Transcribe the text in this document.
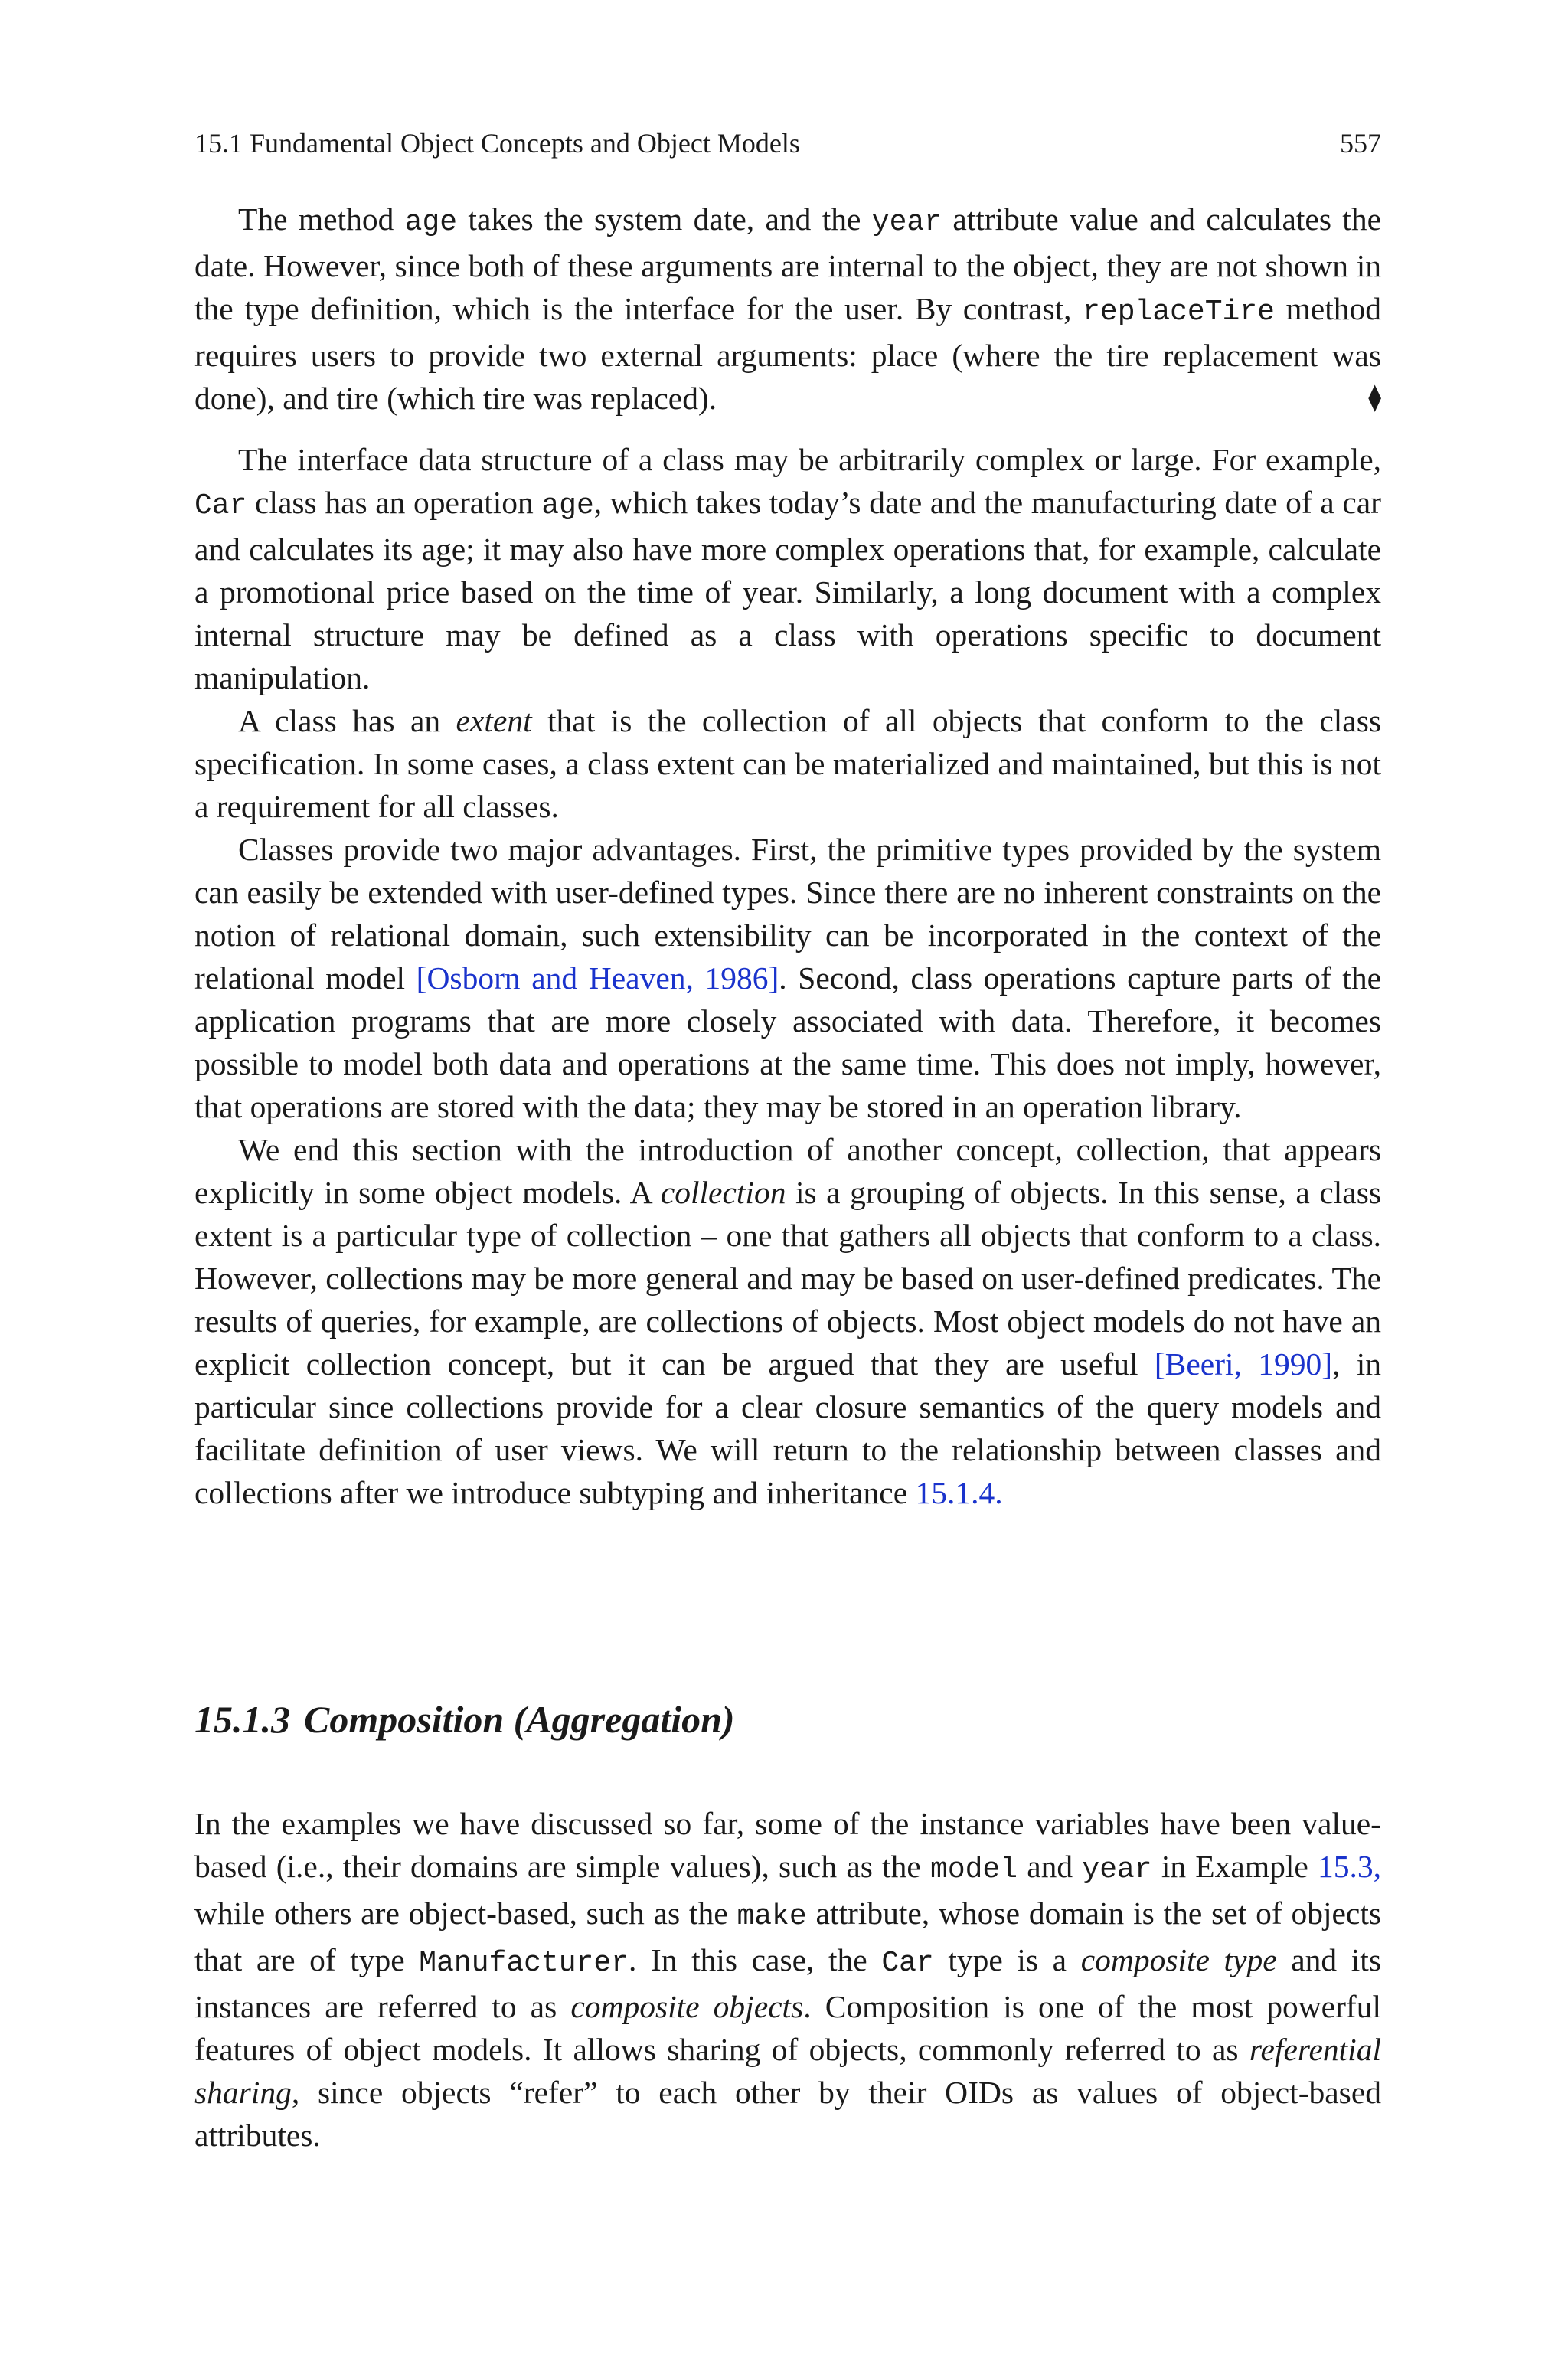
15.1 Fundamental Object Concepts and Object Models	557

The method age takes the system date, and the year attribute value and calculates the date. However, since both of these arguments are internal to the object, they are not shown in the type definition, which is the interface for the user. By contrast, replaceTire method requires users to provide two external arguments: place (where the tire replacement was done), and tire (which tire was replaced).	⧫

The interface data structure of a class may be arbitrarily complex or large. For example, Car class has an operation age, which takes today’s date and the manufacturing date of a car and calculates its age; it may also have more complex operations that, for example, calculate a promotional price based on the time of year. Similarly, a long document with a complex internal structure may be defined as a class with operations specific to document manipulation.

A class has an extent that is the collection of all objects that conform to the class specification. In some cases, a class extent can be materialized and maintained, but this is not a requirement for all classes.

Classes provide two major advantages. First, the primitive types provided by the system can easily be extended with user-defined types. Since there are no inherent constraints on the notion of relational domain, such extensibility can be incorporated in the context of the relational model [Osborn and Heaven, 1986]. Second, class operations capture parts of the application programs that are more closely associated with data. Therefore, it becomes possible to model both data and operations at the same time. This does not imply, however, that operations are stored with the data; they may be stored in an operation library.

We end this section with the introduction of another concept, collection, that appears explicitly in some object models. A collection is a grouping of objects. In this sense, a class extent is a particular type of collection – one that gathers all objects that conform to a class. However, collections may be more general and may be based on user-defined predicates. The results of queries, for example, are collections of objects. Most object models do not have an explicit collection concept, but it can be argued that they are useful [Beeri, 1990], in particular since collections provide for a clear closure semantics of the query models and facilitate definition of user views. We will return to the relationship between classes and collections after we introduce subtyping and inheritance 15.1.4.

15.1.3 Composition (Aggregation)

In the examples we have discussed so far, some of the instance variables have been value-based (i.e., their domains are simple values), such as the model and year in Example 15.3, while others are object-based, such as the make attribute, whose domain is the set of objects that are of type Manufacturer. In this case, the Car type is a composite type and its instances are referred to as composite objects. Composition is one of the most powerful features of object models. It allows sharing of objects, commonly referred to as referential sharing, since objects “refer” to each other by their OIDs as values of object-based attributes.
